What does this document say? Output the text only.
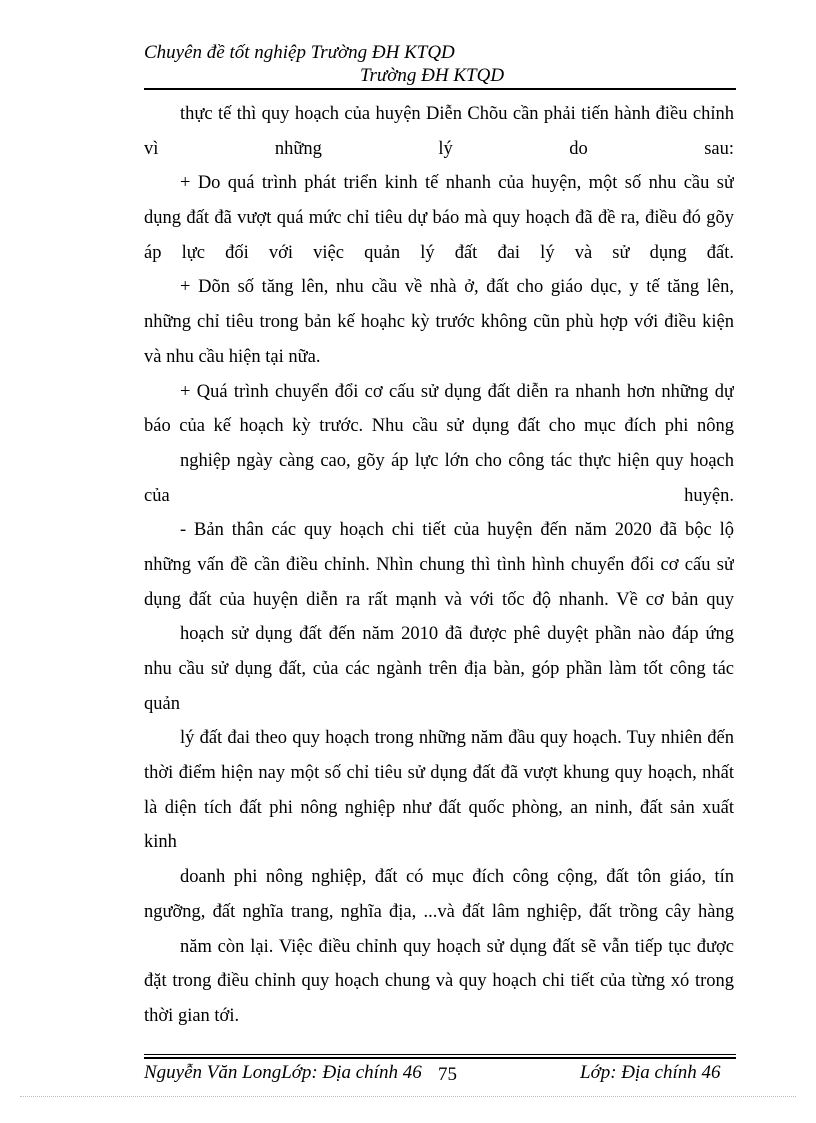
Chuyên đề tốt nghiệp Trường ĐH KTQD
Trường ĐH KTQD
thực tế thì quy hoạch của huyện Diễn Chõu cần phải tiến hành điều chỉnh
vì những lý do sau:
+ Do quá trình phát triển kinh tế nhanh của huyện, một số nhu cầu sử
dụng đất đã vượt quá mức chỉ tiêu dự báo mà quy hoạch đã đề ra, điều đó gõy
áp lực đối với việc quản lý đất đai lý và sử dụng đất.
+ Dõn số tăng lên, nhu cầu về nhà ở, đất cho giáo dục, y tế tăng lên,
những chỉ tiêu trong bản kế hoạhc kỳ trước không cũn phù hợp với điều kiện
và nhu cầu hiện tại nữa.
+ Quá trình chuyển đổi cơ cấu sử dụng đất diễn ra nhanh hơn những dự
báo của kế hoạch kỳ trước. Nhu cầu sử dụng đất cho mục đích phi nông
nghiệp ngày càng cao, gõy áp lực lớn cho công tác thực hiện quy hoạch
của huyện.
- Bản thân các quy hoạch chi tiết của huyện đến năm 2020 đã bộc lộ
những vấn đề cần điều chỉnh. Nhìn chung thì tình hình chuyển đổi cơ cấu sử
dụng đất của huyện diễn ra rất mạnh và với tốc độ nhanh. Về cơ bản quy
hoạch sử dụng đất đến năm 2010 đã được phê duyệt phần nào đáp ứng
nhu cầu sử dụng đất, của các ngành trên địa bàn, góp phần làm tốt công tác
quản
lý đất đai theo quy hoạch trong những năm đầu quy hoạch. Tuy nhiên đến
thời điểm hiện nay một số chỉ tiêu sử dụng đất đã vượt khung quy hoạch, nhất
là diện tích đất phi nông nghiệp như đất quốc phòng, an ninh, đất sản xuất
kinh
doanh phi nông nghiệp, đất có mục đích công cộng, đất tôn giáo, tín
ngưỡng, đất nghĩa trang, nghĩa địa, ...và đất lâm nghiệp, đất trồng cây hàng
năm còn lại. Việc điều chỉnh quy hoạch sử dụng đất sẽ vẫn tiếp tục được
đặt trong điều chỉnh quy hoạch chung và quy hoạch chi tiết của từng xó trong
thời gian tới.
Nguyễn Văn LongLớp: Địa chính 46 75	Lớp: Địa chính 46
